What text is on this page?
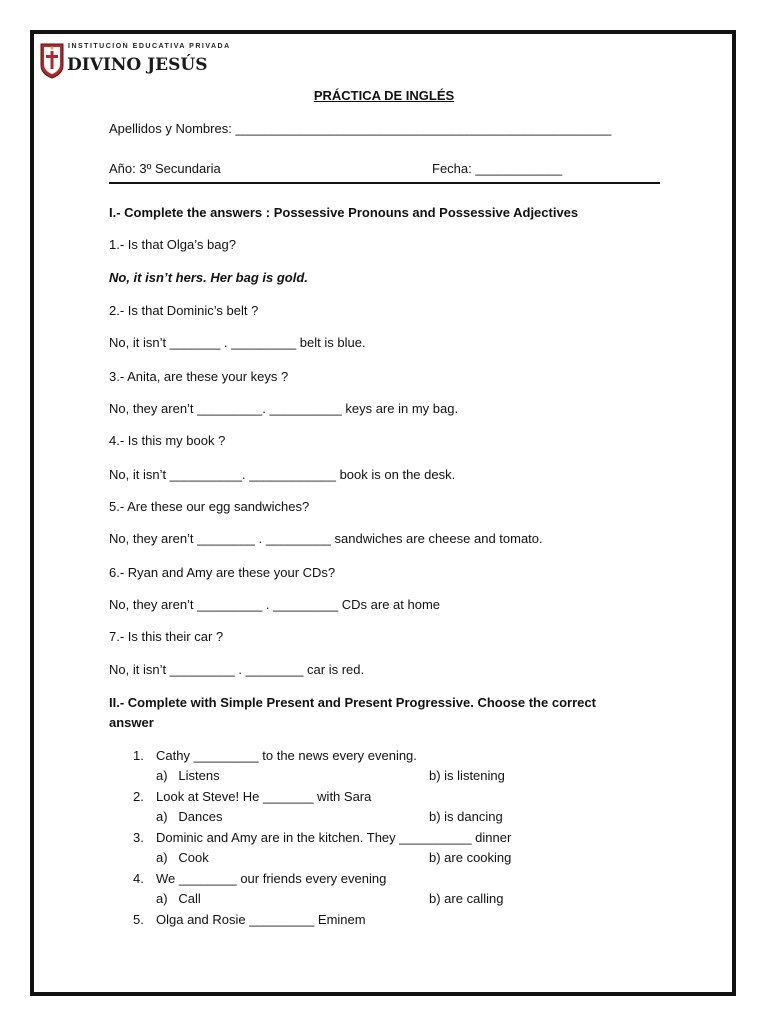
INSTITUCION EDUCATIVA PRIVADA
DIVINO JESÚS
PRÁCTICA DE INGLÉS
Apellidos y Nombres: ____________________________________________________
Año: 3º Secundaria	Fecha: ____________
I.- Complete the answers : Possessive Pronouns and Possessive Adjectives
1.- Is that Olga’s bag?
No, it isn’t hers. Her bag is gold.
2.- Is that Dominic’s belt ?
No, it isn’t _______ . _________ belt is blue.
3.- Anita, are these your keys ?
No, they aren’t _________. __________ keys are in my bag.
4.- Is this my book ?
No, it isn’t __________. ____________ book is on the desk.
5.- Are these our egg sandwiches?
No, they aren’t ________ . _________ sandwiches are cheese and tomato.
6.- Ryan and Amy are these your CDs?
No, they aren’t _________ . _________ CDs are at home
7.- Is this their car ?
No, it isn’t _________ . ________ car is red.
II.- Complete with Simple Present and Present Progressive. Choose the correct
answer
1. Cathy _________ to the news every evening.
a)   Listens	b) is listening
2. Look at Steve! He _______ with Sara
a)   Dances	b) is dancing
3. Dominic and Amy are in the kitchen. They __________ dinner
a)   Cook	b) are cooking
4. We ________ our friends every evening
a)   Call	b) are calling
5. Olga and Rosie _________ Eminem
